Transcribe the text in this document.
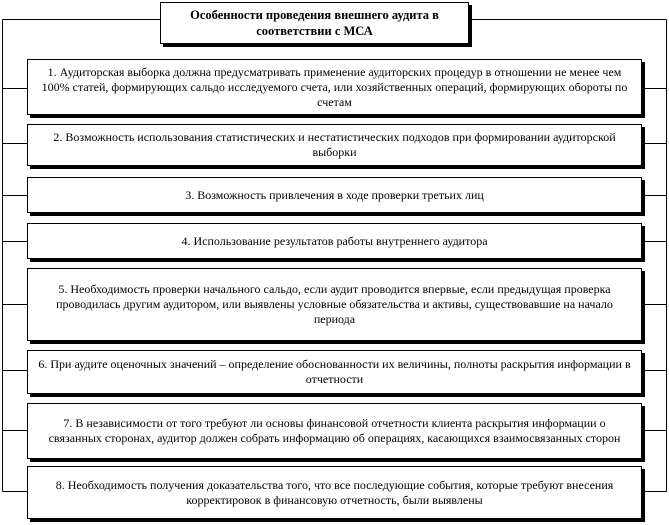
Особенности проведения внешнего аудита в соответствии с МСА
1. Аудиторская выборка должна предусматривать применение аудиторских процедур в отношении не менее чем 100% статей, формирующих сальдо исследуемого счета, или хозяйственных операций, формирующих обороты по счетам
2. Возможность использования статистических и нестатистических подходов при формировании аудиторской выборки
3. Возможность привлечения в ходе проверки третьих лиц
4. Использование результатов работы внутреннего аудитора
5. Необходимость проверки начального сальдо, если аудит проводится впервые, если предыдущая проверка проводилась другим аудитором, или выявлены условные обязательства и активы, существовавшие на начало периода
6. При аудите оценочных значений – определение обоснованности их величины, полноты раскрытия информации в отчетности
7. В независимости от того требуют ли основы финансовой отчетности клиента раскрытия информации о связанных сторонах, аудитор должен собрать информацию об операциях, касающихся взаимосвязанных сторон
8. Необходимость получения доказательства того, что все последующие события, которые требуют внесения корректировок в финансовую отчетность, были выявлены
